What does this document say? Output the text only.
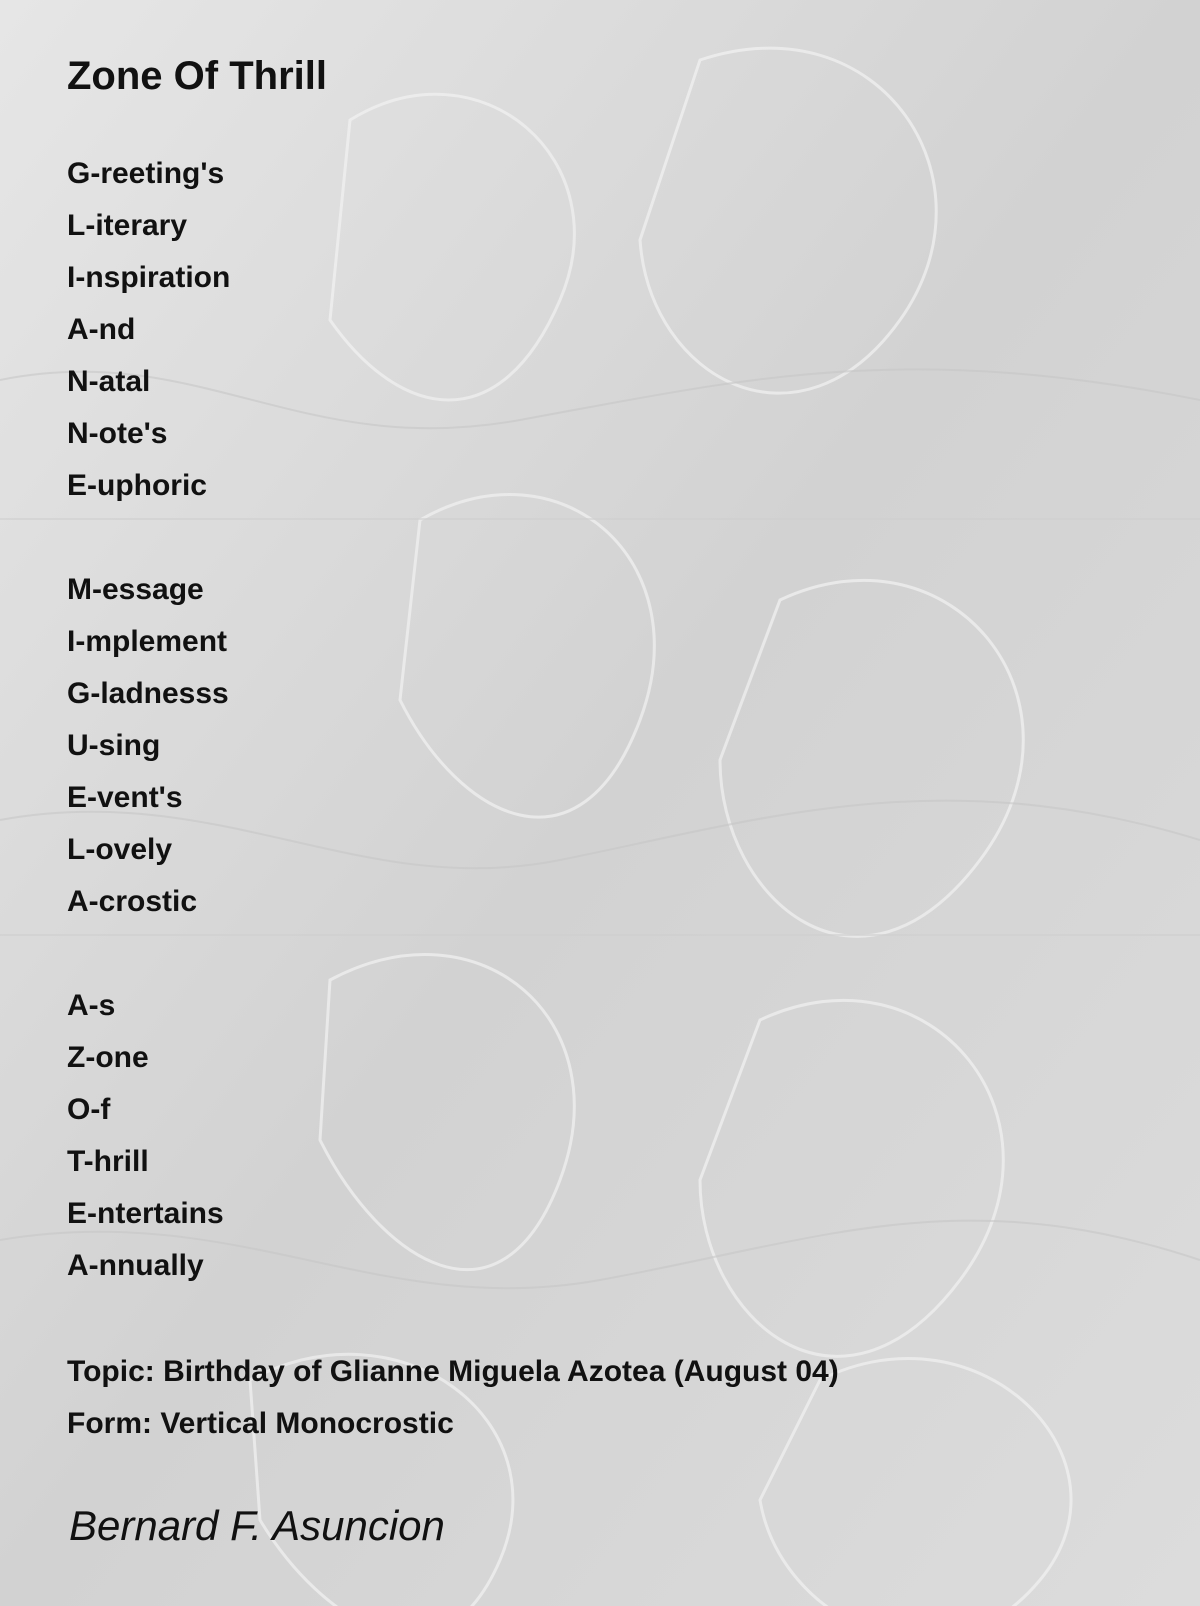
Zone Of Thrill
G-reeting's
L-iterary
I-nspiration
A-nd
N-atal
N-ote's
E-uphoric
M-essage
I-mplement
G-ladnesss
U-sing
E-vent's
L-ovely
A-crostic
A-s
Z-one
O-f
T-hrill
E-ntertains
A-nnually
Topic: Birthday of Glianne Miguela Azotea (August 04)
Form: Vertical Monocrostic
Bernard F. Asuncion
